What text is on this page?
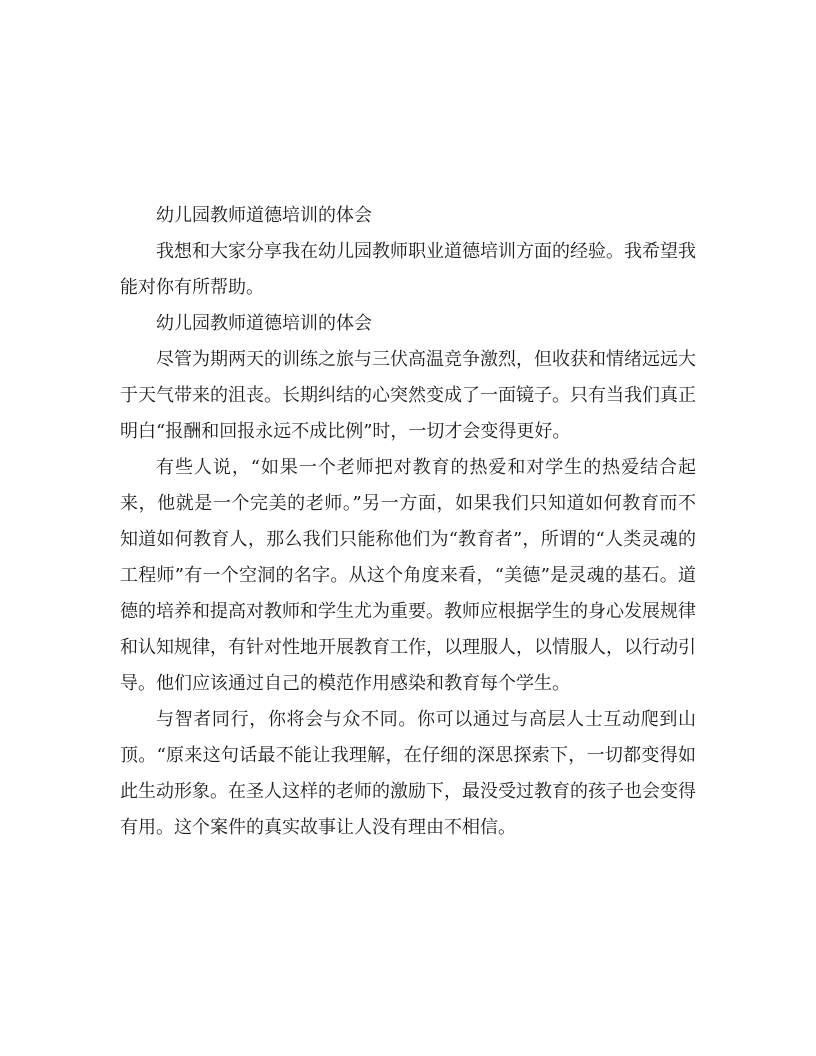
幼儿园教师道德培训的体会

我想和大家分享我在幼儿园教师职业道德培训方面的经验。我希望我能对你有所帮助。

幼儿园教师道德培训的体会

尽管为期两天的训练之旅与三伏高温竞争激烈，但收获和情绪远远大于天气带来的沮丧。长期纠结的心突然变成了一面镜子。只有当我们真正明白“报酬和回报永远不成比例”时，一切才会变得更好。

有些人说，“如果一个老师把对教育的热爱和对学生的热爱结合起来，他就是一个完美的老师。”另一方面，如果我们只知道如何教育而不知道如何教育人，那么我们只能称他们为“教育者”，所谓的“人类灵魂的工程师”有一个空洞的名字。从这个角度来看，“美德”是灵魂的基石。道德的培养和提高对教师和学生尤为重要。教师应根据学生的身心发展规律和认知规律，有针对性地开展教育工作，以理服人，以情服人，以行动引导。他们应该通过自己的模范作用感染和教育每个学生。

与智者同行，你将会与众不同。你可以通过与高层人士互动爬到山顶。“原来这句话最不能让我理解，在仔细的深思探索下，一切都变得如此生动形象。在圣人这样的老师的激励下，最没受过教育的孩子也会变得有用。这个案件的真实故事让人没有理由不相信。
